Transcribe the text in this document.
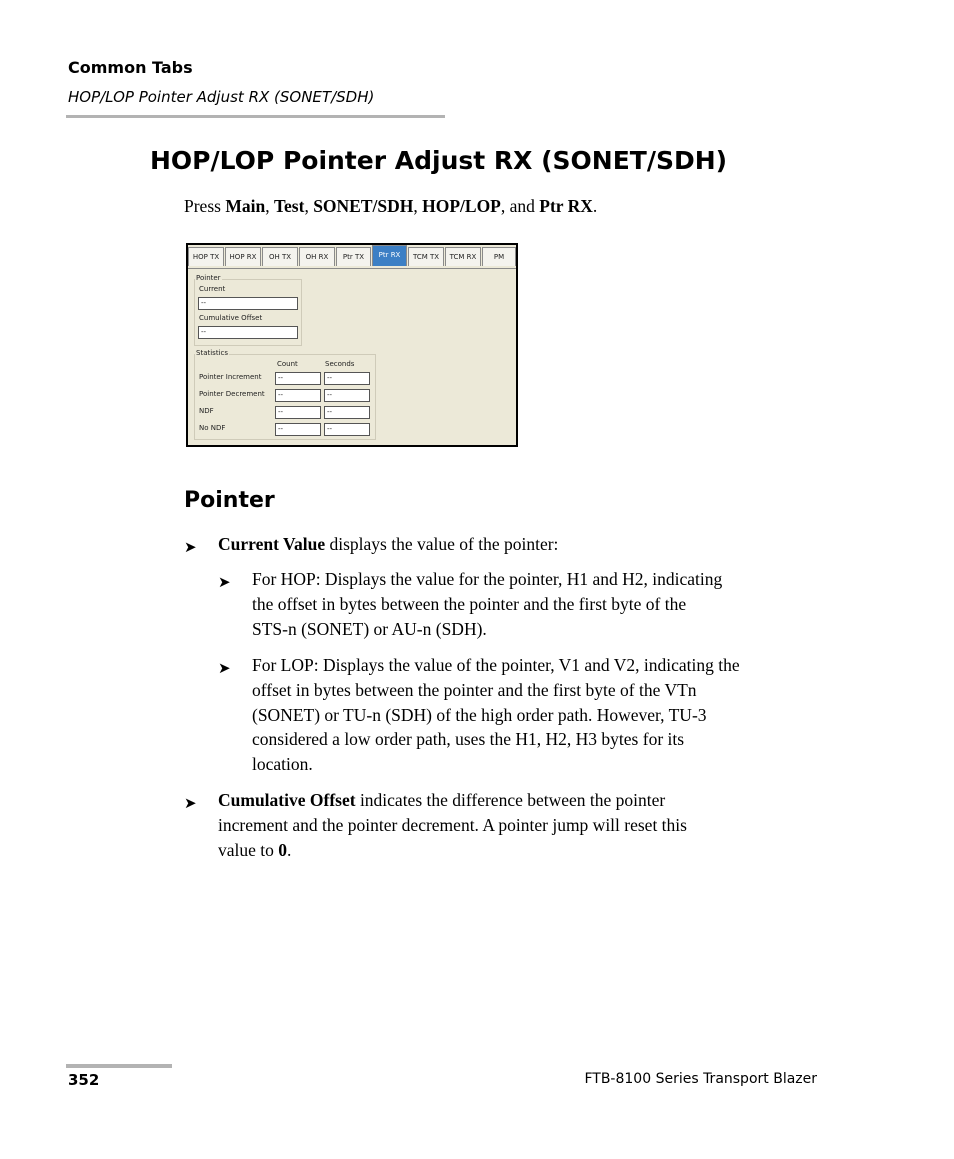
Common Tabs
HOP/LOP Pointer Adjust RX (SONET/SDH)
HOP/LOP Pointer Adjust RX (SONET/SDH)
Press Main, Test, SONET/SDH, HOP/LOP, and Ptr RX.
HOP TX	HOP RX	OH TX	OH RX	Ptr TX	Ptr RX	TCM TX	TCM RX	PM
Pointer
Current
--
Cumulative Offset
--
Statistics
Count	Seconds
Pointer Increment	--	--
Pointer Decrement	--	--
NDF	--	--
No NDF	--	--
Pointer
➤ Current Value displays the value of the pointer:
➤ For HOP: Displays the value for the pointer, H1 and H2, indicating
the offset in bytes between the pointer and the first byte of the
STS-n (SONET) or AU-n (SDH).
➤ For LOP: Displays the value of the pointer, V1 and V2, indicating the
offset in bytes between the pointer and the first byte of the VTn
(SONET) or TU-n (SDH) of the high order path. However, TU-3
considered a low order path, uses the H1, H2, H3 bytes for its
location.
➤ Cumulative Offset indicates the difference between the pointer
increment and the pointer decrement. A pointer jump will reset this
value to 0.
352	FTB-8100 Series Transport Blazer
